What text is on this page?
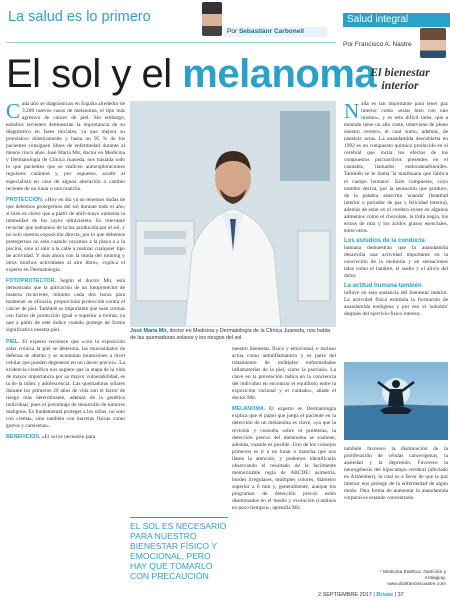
La salud es lo primero
Por Sebastiánr Carbonell
Salud integral
Por Francisco A. Nastre
El sol y el melanoma
El bienestar interior

Cada año se diagnostican en España alrededor de 3.200 nuevos casos de melanoma, el tipo más agresivo de cáncer de piel. Sin embargo, estudios recientes demuestran la importancia de su diagnóstico en fases iniciales, ya que mejora su pronóstico drásticamente y hasta un 95 % de los pacientes consiguen libres de enfermedad durante al menos cinco años. José María Mir, doctor en Medicina y Dermatología de Clínica Juaneda, nos traslada todo lo que pacientes que se realicen autoexploraciones regulares cutáneas y, por supuesto, acudir al especialista en caso de alguna alteración o cambio reciente de un lunar o una mancha.

PROTECCIÓN. «Hoy en día ya no tenemos dudas de que debemos protegernos del sol durante todo el año, si bien es cierto que a partir de abril-mayo aumenta la intensidad de los rayos ultravioleta. Es relevante recordar que hablamos de la luz producida por el sol, y no solo nuestra exposición directa, por lo que debemos protegernos no solo cuando vayamos a la playa o a la piscina, sino al salir a la calle a realizar cualquier tipo de actividad. Y más ahora con la moda del running y otros muchos actividades al aire libre», explica el experto en Dermatología.

FOTOPROTECTOR. Según el doctor Mir, está demostrado que la aplicación de un fotoprotector de manera recurrente, mínimo cada dos horas para mantener su eficacia, proporciona protección contra el cáncer de piel. También es importante que sean cremas con factor de protección igual o superior a treinta, ya que a partir de este índice cuando protege de forma significativa nuestra piel.

PIEL. El experto reconoce que «con la exposición solar crónica la piel se deteriora, las mucosidades de defensa se alteran y se acumulan mutaciones a nivel celular que pueden degenerar en un cáncer precoz». La evidencia científica nos sugiere que la etapa de la vida de mayor importancia por su mayor vulnerabilidad, es la de la niñez y adolescencia. Las quemaduras solares durante los primeros 20 años de vida son el factor de riesgo más determinante, además de la genética individual, pues el porcentaje de desarrollo de tumores malignos. Es fundamental proteger a los niños, no solo con cremas, sino también con barreras físicas como gorros y camisetas».

BENEFICIOS. «El sol es necesario para

José María Mir, doctor en Medicina y Dermatología de la Clínica Juaneda, nos habla de las quemaduras solares y los riesgos del sol.

nuestro bienestar, físico y emocional, e incluso actúa como antiinflamatorio y es parte del tratamiento de múltiples enfermedades inflamatorias de la piel, como la psoriasis. La clave en la prevención radica en la conciencia del individuo en encontrar el equilibrio entre la exposición racional y el cuidado», añade el doctor Mir.

MELANOMA. El experto en Dermatología explica que el papel que juega el paciente en la detección de un melanoma es clave, «ya que la revisión y consulta sobre el problema, la detección precoz del melanoma se sostiene, además, cuando es posible. Uno de los consejos primeros es ir a un lunar o mancha que nos llame la atención, y podemos identificarlo observando el resultado de la facilmente memorizable regla de ABCDE: asimetría, bordes irregulares, múltiples colores, diámetro superior a 6 mm y, generalmente, aunque los programas de detección precoz estén diseminados en el medio y evolución (cambios en poco tiempo)», apostilla Mir.

EL SOL ES NECESARIO PARA NUESTRO BIENESTAR FÍSICO Y EMOCIONAL, PERO HAY QUE TOMARLO CON PRECAUCIÓN

Nada es tan importante para tener paz interior como «estar bien con uno mismo», y es esta difícil tarea, que a menudo tiene un alto coste, interviene de pleno nuestro cerebro, el cual sumo, además, de nuestras actas. La anandamida descubierta en 1992 es un compuesto químico producido en el cerebral que incita los efectos de los compuestos psicoactivos presentes en el cannabis, llamados endocannabinoides. También se le llama 'la marihuana que fabrica el cuerpo humano'. Este compuesto, cuyo nombre deriva, por la sensación que produce, de la palabra sánscrita 'ananda' (beatitud interior o portador de paz y felicidad interna), además de estar en el cerebro existe en algunos alimentos como el chocolate, la trufa negra, los erizos de mar y los ácidos grasos esenciales, entre otros.

Los estudios de la conducta

humana demuestran que la anandamida desarrolla una actividad importante en la concreción de la memoria y en sensaciones tales como el hambre, el sueño y el alivio del dolor.

La actitud humana también

influye en esta sustancia del bienestar interior. La actividad física estimula la formación de anandamida endógena y por eso el 'subidón' después del ejercicio físico intenso;

también favorece la disminución de la proliferación de células cancerígenas, la ansiedad y la depresión. Favorece la neurogénesis del hipocampo cerebral (afectado en Alzheimer), lo cual es a favor de que la paz interior nos protege de la enfermedad de algún modo. Otra forma de aumentar la anandamida corporal es estando concentrado.

* Medicina Estética. Nutrición y Antiaging.
www.drafranciscoastre.com
2 SEPTIEMBRE 2017 | Brisas | 37
